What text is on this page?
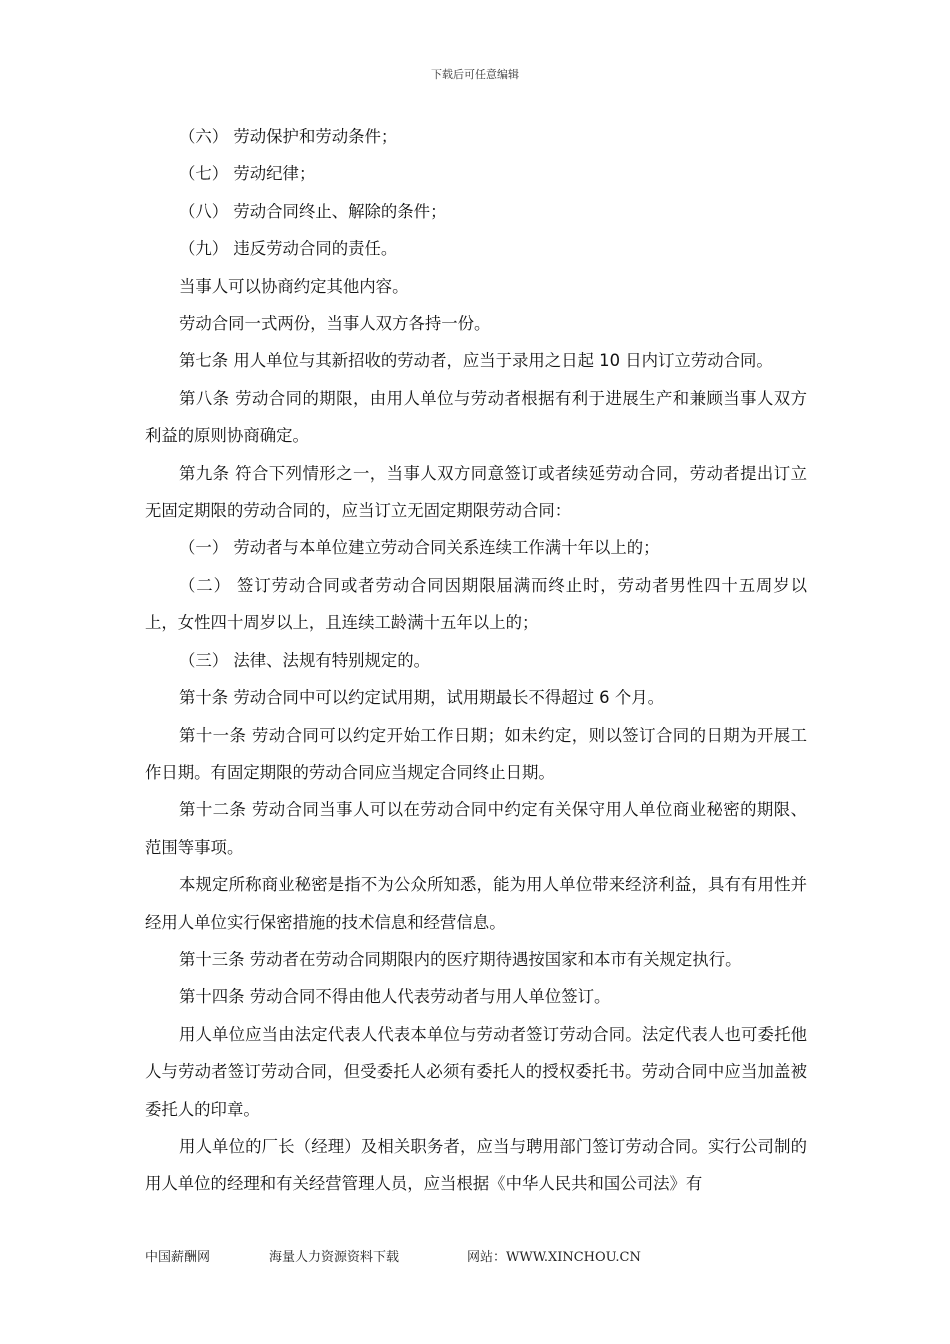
下载后可任意编辑

（六） 劳动保护和劳动条件；

（七） 劳动纪律；

（八） 劳动合同终止、解除的条件；

（九） 违反劳动合同的责任。

当事人可以协商约定其他内容。

劳动合同一式两份，当事人双方各持一份。

第七条 用人单位与其新招收的劳动者，应当于录用之日起 10 日内订立劳动合同。

第八条 劳动合同的期限，由用人单位与劳动者根据有利于进展生产和兼顾当事人双方利益的原则协商确定。

第九条 符合下列情形之一，当事人双方同意签订或者续延劳动合同，劳动者提出订立无固定期限的劳动合同的，应当订立无固定期限劳动合同：

（一） 劳动者与本单位建立劳动合同关系连续工作满十年以上的；

（二） 签订劳动合同或者劳动合同因期限届满而终止时，劳动者男性四十五周岁以上，女性四十周岁以上，且连续工龄满十五年以上的；

（三） 法律、法规有特别规定的。

第十条 劳动合同中可以约定试用期，试用期最长不得超过 6 个月。

第十一条 劳动合同可以约定开始工作日期；如未约定，则以签订合同的日期为开展工作日期。有固定期限的劳动合同应当规定合同终止日期。

第十二条 劳动合同当事人可以在劳动合同中约定有关保守用人单位商业秘密的期限、范围等事项。

本规定所称商业秘密是指不为公众所知悉，能为用人单位带来经济利益，具有有用性并经用人单位实行保密措施的技术信息和经营信息。

第十三条 劳动者在劳动合同期限内的医疗期待遇按国家和本市有关规定执行。

第十四条 劳动合同不得由他人代表劳动者与用人单位签订。

用人单位应当由法定代表人代表本单位与劳动者签订劳动合同。法定代表人也可委托他人与劳动者签订劳动合同，但受委托人必须有委托人的授权委托书。劳动合同中应当加盖被委托人的印章。

用人单位的厂长（经理）及相关职务者，应当与聘用部门签订劳动合同。实行公司制的用人单位的经理和有关经营管理人员，应当根据《中华人民共和国公司法》有

中国薪酬网	海量人力资源资料下载	网站：WWW.XINCHOU.CN
